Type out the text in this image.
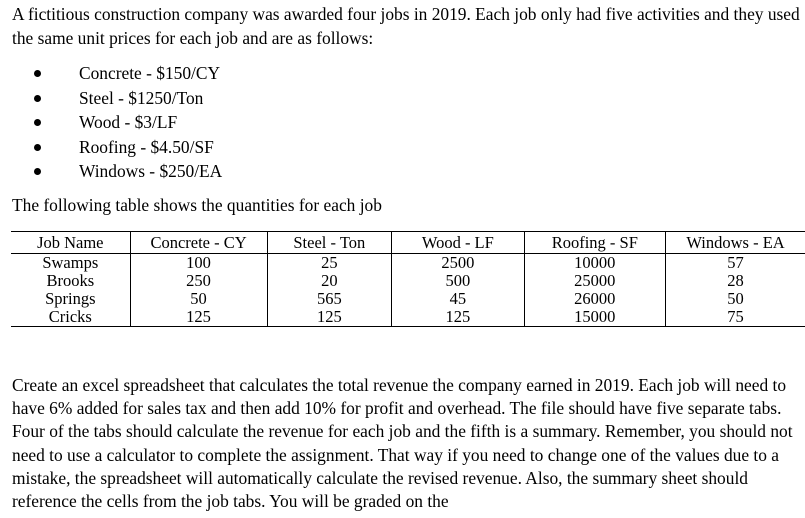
A fictitious construction company was awarded four jobs in 2019. Each job only had five activities and they used the same unit prices for each job and are as follows:

Concrete - $150/CY
Steel - $1250/Ton
Wood - $3/LF
Roofing - $4.50/SF
Windows - $250/EA

The following table shows the quantities for each job

Job Name	Concrete - CY	Steel - Ton	Wood - LF	Roofing - SF	Windows - EA
Swamps	100	25	2500	10000	57
Brooks	250	20	500	25000	28
Springs	50	565	45	26000	50
Cricks	125	125	125	15000	75

Create an excel spreadsheet that calculates the total revenue the company earned in 2019. Each job will need to have 6% added for sales tax and then add 10% for profit and overhead. The file should have five separate tabs. Four of the tabs should calculate the revenue for each job and the fifth is a summary. Remember, you should not need to use a calculator to complete the assignment. That way if you need to change one of the values due to a mistake, the spreadsheet will automatically calculate the revised revenue. Also, the summary sheet should reference the cells from the job tabs. You will be graded on the
